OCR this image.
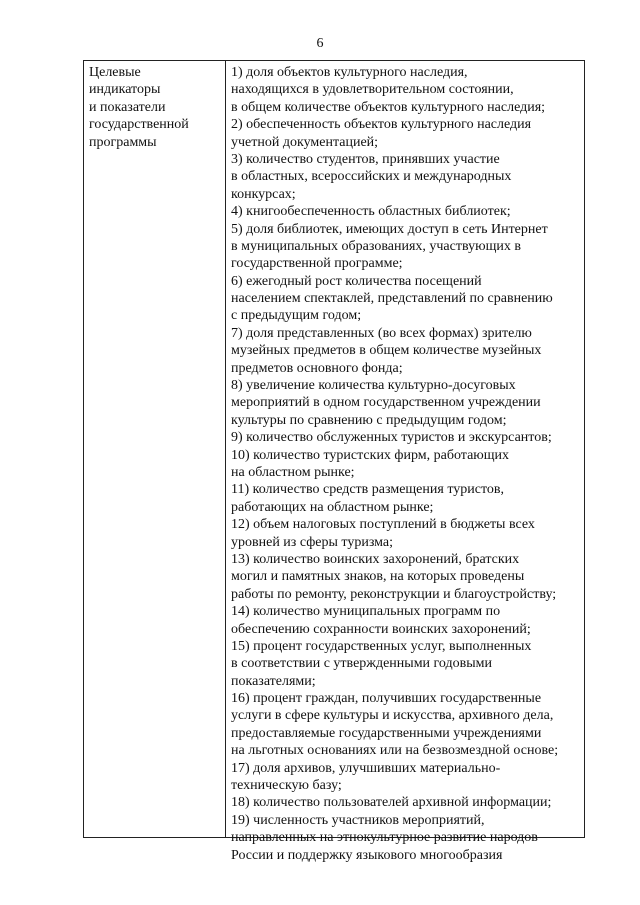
6
Целевые
индикаторы
и показатели
государственной
программы
1) доля объектов культурного наследия,
находящихся в удовлетворительном состоянии,
в общем количестве объектов культурного наследия;
2) обеспеченность объектов культурного наследия
учетной документацией;
3) количество студентов, принявших участие
в областных, всероссийских и международных
конкурсах;
4) книгообеспеченность областных библиотек;
5) доля библиотек, имеющих доступ в сеть Интернет
в муниципальных образованиях, участвующих в
государственной программе;
6) ежегодный рост количества посещений
населением спектаклей, представлений по сравнению
с предыдущим годом;
7) доля представленных (во всех формах) зрителю
музейных предметов в общем количестве музейных
предметов основного фонда;
8) увеличение количества культурно-досуговых
мероприятий в одном государственном учреждении
культуры по сравнению с предыдущим годом;
9) количество обслуженных туристов и экскурсантов;
10) количество туристских фирм, работающих
на областном рынке;
11) количество средств размещения туристов,
работающих на областном рынке;
12) объем налоговых поступлений в бюджеты всех
уровней из сферы туризма;
13) количество воинских захоронений, братских
могил и памятных знаков, на которых проведены
работы по ремонту, реконструкции и благоустройству;
14) количество муниципальных программ по
обеспечению сохранности воинских захоронений;
15) процент государственных услуг, выполненных
в соответствии с утвержденными годовыми
показателями;
16) процент граждан, получивших государственные
услуги в сфере культуры и искусства, архивного дела,
предоставляемые государственными учреждениями
на льготных основаниях или на безвозмездной основе;
17) доля архивов, улучшивших материально-
техническую базу;
18) количество пользователей архивной информации;
19) численность участников мероприятий,
направленных на этнокультурное развитие народов
России и поддержку языкового многообразия
